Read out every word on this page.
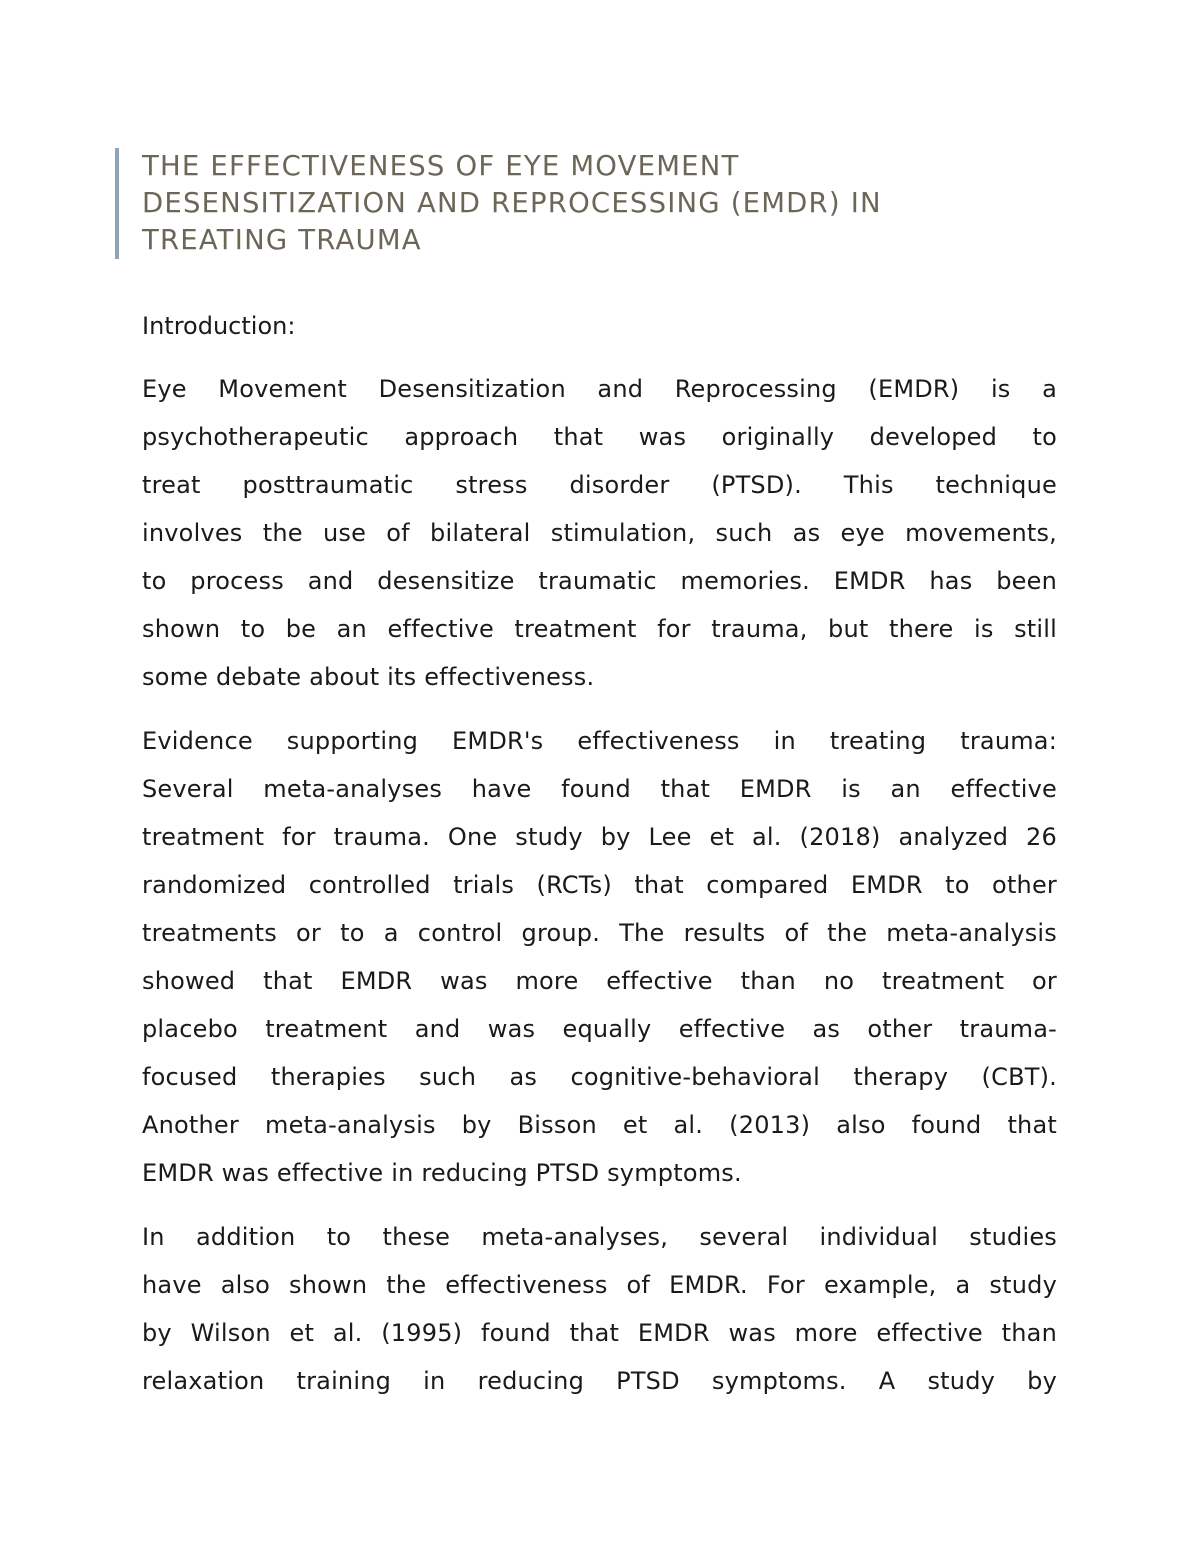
THE EFFECTIVENESS OF EYE MOVEMENT
DESENSITIZATION AND REPROCESSING (EMDR) IN
TREATING TRAUMA
Introduction:
Eye Movement Desensitization and Reprocessing (EMDR) is a
psychotherapeutic approach that was originally developed to
treat posttraumatic stress disorder (PTSD). This technique
involves the use of bilateral stimulation, such as eye movements,
to process and desensitize traumatic memories. EMDR has been
shown to be an effective treatment for trauma, but there is still
some debate about its effectiveness.
Evidence supporting EMDR's effectiveness in treating trauma:
Several meta-analyses have found that EMDR is an effective
treatment for trauma. One study by Lee et al. (2018) analyzed 26
randomized controlled trials (RCTs) that compared EMDR to other
treatments or to a control group. The results of the meta-analysis
showed that EMDR was more effective than no treatment or
placebo treatment and was equally effective as other trauma-
focused therapies such as cognitive-behavioral therapy (CBT).
Another meta-analysis by Bisson et al. (2013) also found that
EMDR was effective in reducing PTSD symptoms.
In addition to these meta-analyses, several individual studies
have also shown the effectiveness of EMDR. For example, a study
by Wilson et al. (1995) found that EMDR was more effective than
relaxation training in reducing PTSD symptoms. A study by
